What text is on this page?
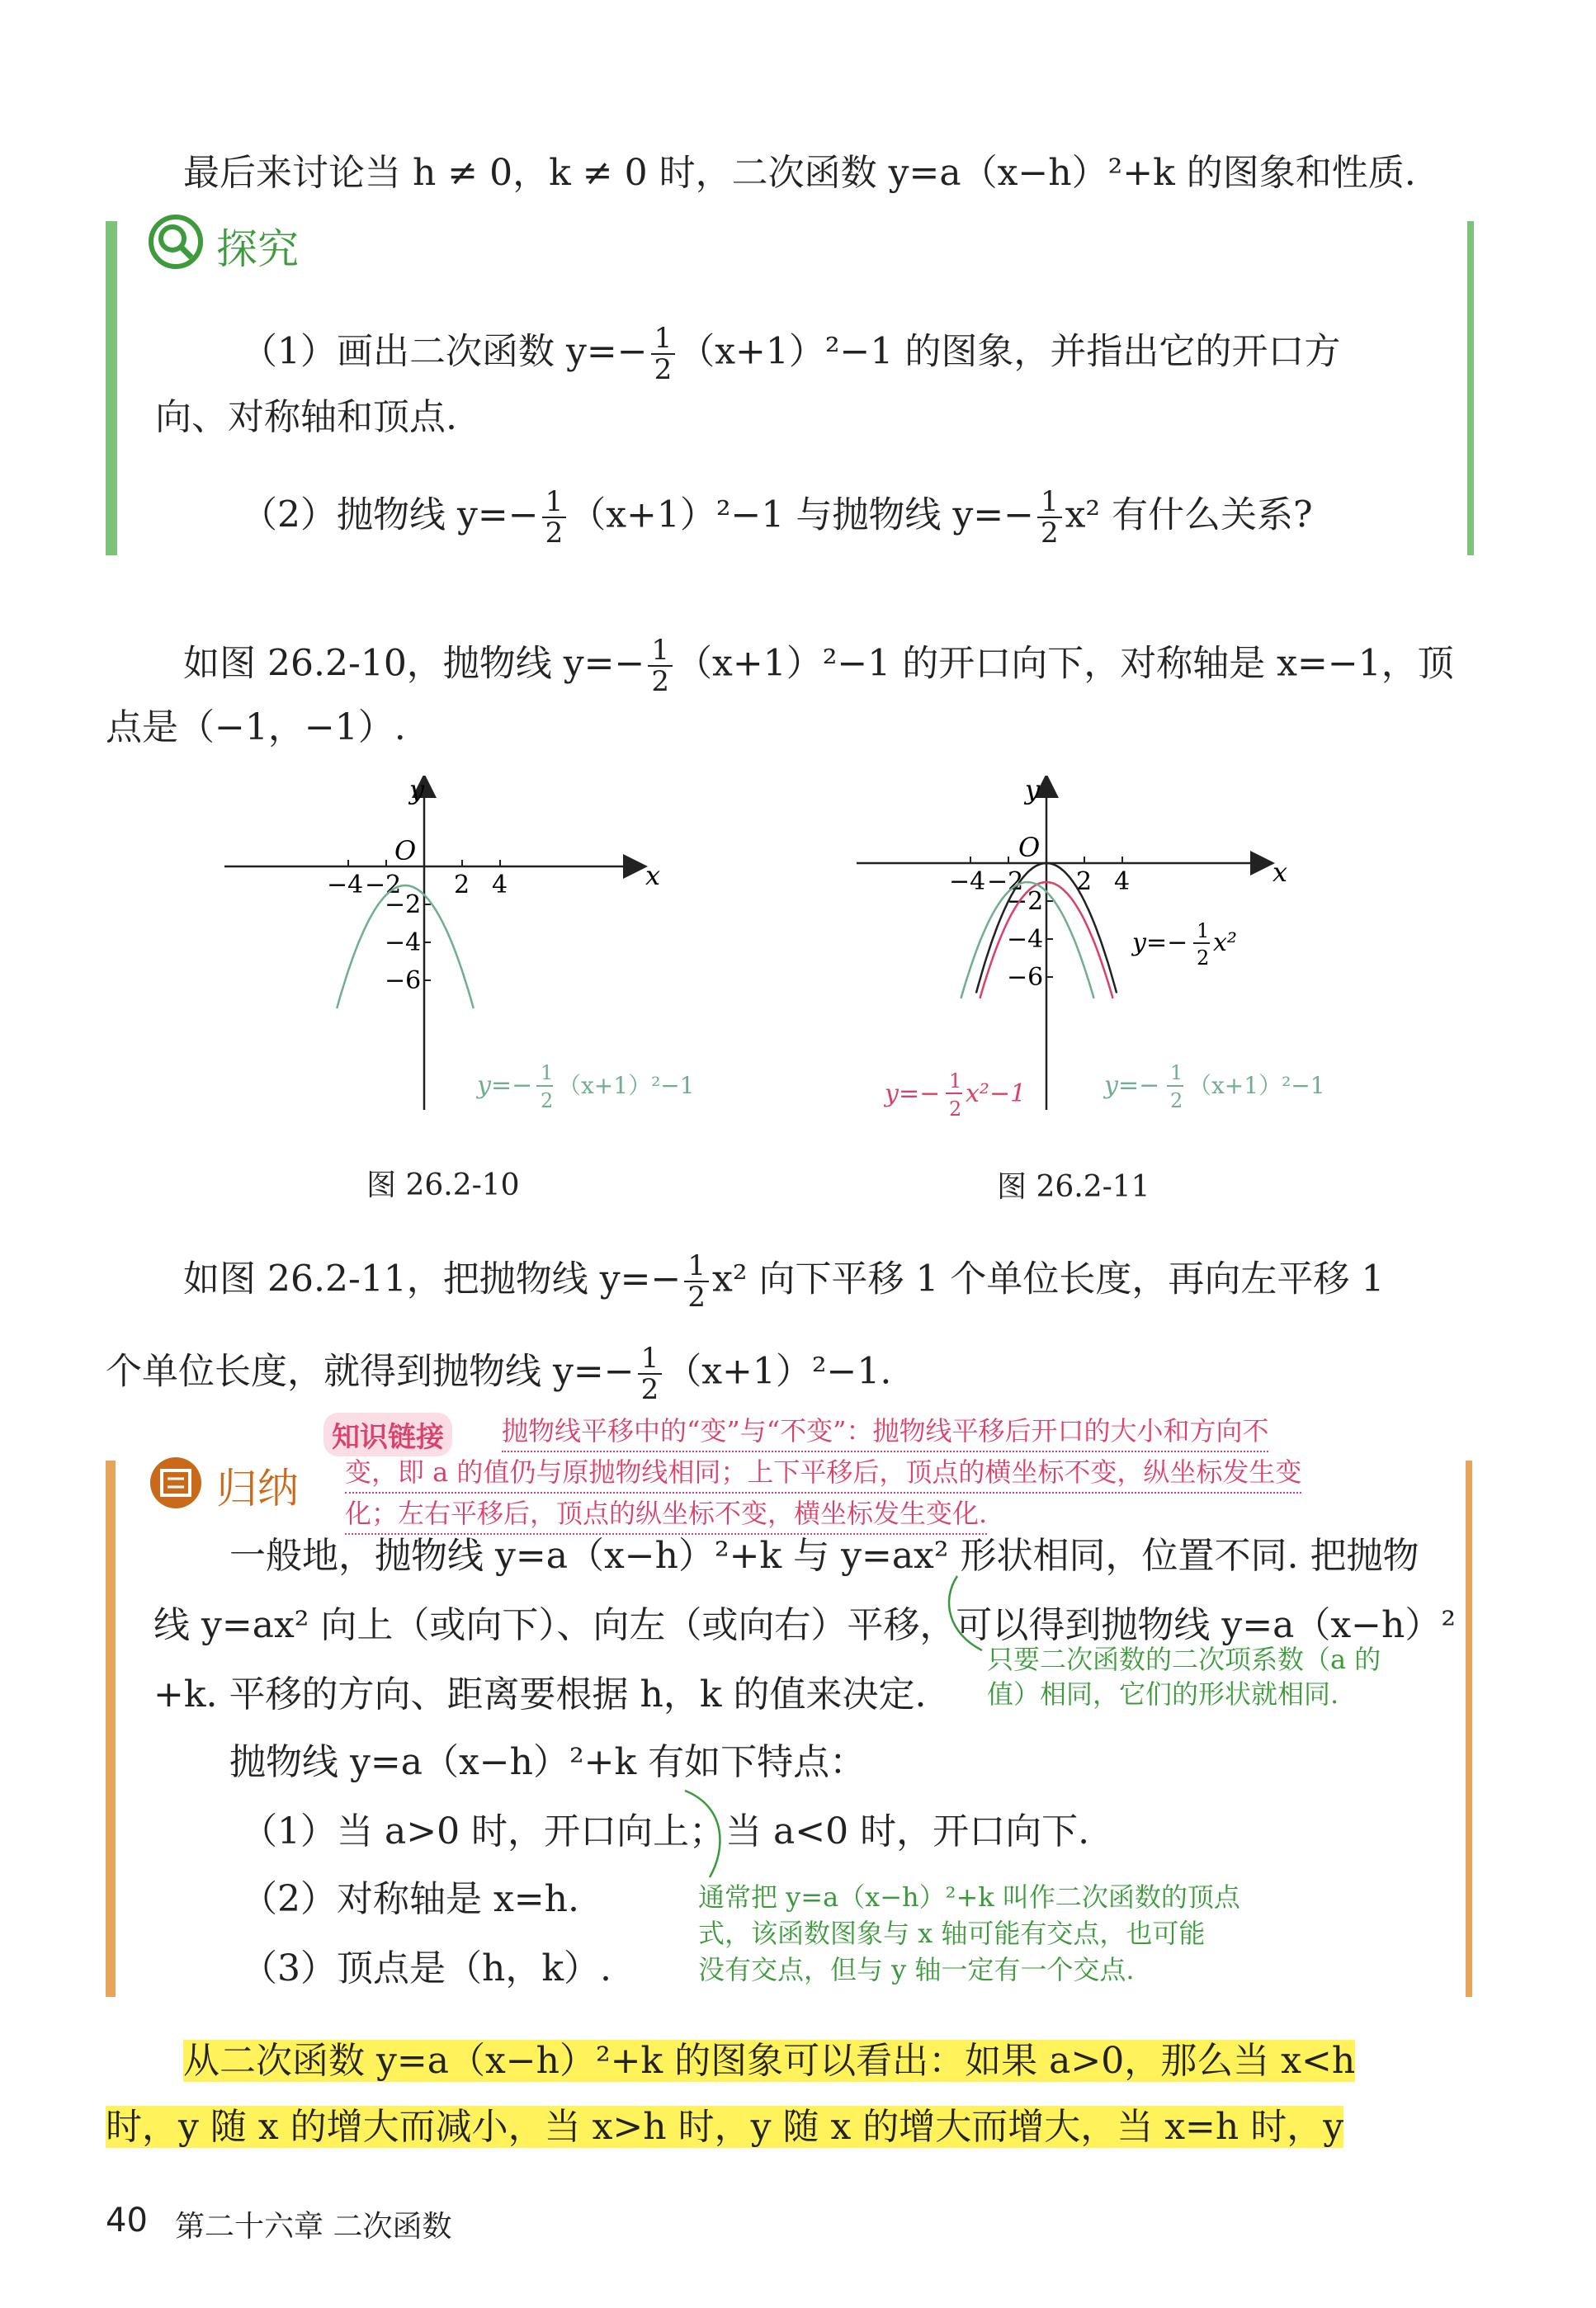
最后来讨论当 h ≠ 0，k ≠ 0 时，二次函数 y=a（x−h）²+k 的图象和性质.
探究
（1）画出二次函数 $y=- \frac{1}{2} (x+1)^2-1$ 的图象，并指出它的开口方
向、对称轴和顶点.
（2）抛物线 $y=- \frac{1}{2} (x+1)^2-1$ 与抛物线 $y=- \frac{1}{2} x^2$ 有什么关系?
如图 26.2-10，抛物线 $y=- \frac{1}{2} (x+1)^2-1$ 的开口向下，对称轴是 x=−1，顶
点是（−1，−1）.
−4 −2 2 4
−2
−4
−6
y
x
O
y=− 1
2
（x+1）²−1
图 26.2-10
−4 −2 2 4
−2
−4
−6
y
x
O
y=− 1
2
x²
y=− 1
2
x²−1	y=− 1
2
（x+1）²−1
图 26.2-11
如图 26.2-11，把抛物线 $y=- \frac{1}{2} x^2$ 向下平移 1 个单位长度，再向左平移 1
个单位长度，就得到抛物线 $y=- \frac{1}{2} (x+1)^2-1$.
知识链接	抛物线平移中的“变”与“不变”：抛物线平移后开口的大小和方向不
变，即 a 的值仍与原抛物线相同；上下平移后，顶点的横坐标不变，纵坐标发生变
化；左右平移后，顶点的纵坐标不变，横坐标发生变化.
归纳
一般地，抛物线 y=a（x−h）²+k 与 y=ax² 形状相同，位置不同. 把抛物
线 y=ax² 向上（或向下）、向左（或向右）平移，可以得到抛物线 y=a（x−h）²
+k. 平移的方向、距离要根据 h，k 的值来决定.
只要二次函数的二次项系数（a 的
值）相同，它们的形状就相同.
抛物线 y=a（x−h）²+k 有如下特点：
（1）当 a>0 时，开口向上；当 a<0 时，开口向下.
（2）对称轴是 x=h.
（3）顶点是（h，k）.
通常把 y=a（x−h）²+k 叫作二次函数的顶点
式，该函数图象与 x 轴可能有交点，也可能
没有交点，但与 y 轴一定有一个交点.
从二次函数 y=a（x−h）²+k 的图象可以看出：如果 a>0，那么当 x<h
时，y 随 x 的增大而减小，当 x>h 时，y 随 x 的增大而增大，当 x=h 时，y
40 第二十六章 二次函数
